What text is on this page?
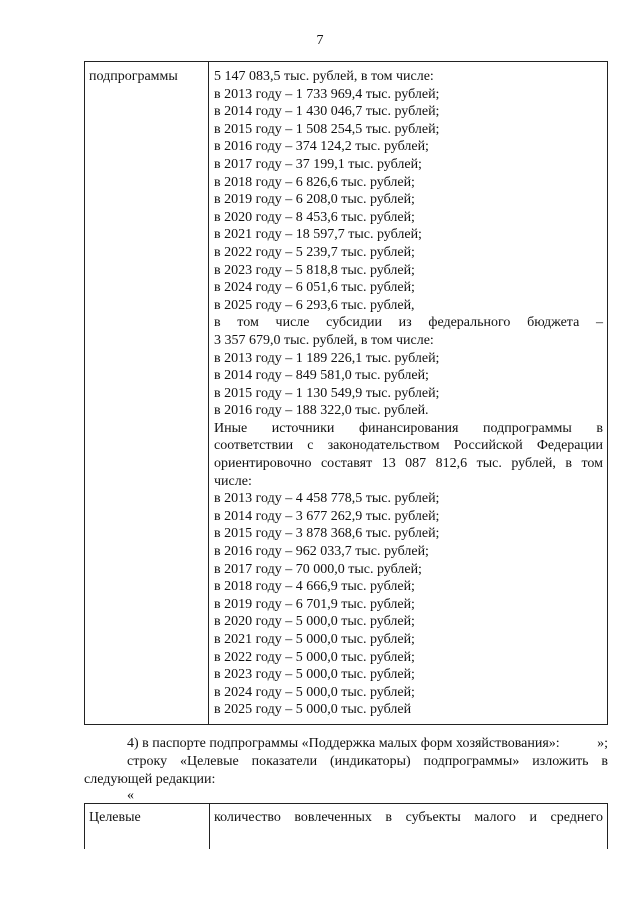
7
подпрограммы	5 147 083,5 тыс. рублей, в том числе:
в 2013 году – 1 733 969,4 тыс. рублей;
в 2014 году – 1 430 046,7 тыс. рублей;
в 2015 году – 1 508 254,5 тыс. рублей;
в 2016 году – 374 124,2 тыс. рублей;
в 2017 году – 37 199,1 тыс. рублей;
в 2018 году – 6 826,6 тыс. рублей;
в 2019 году – 6 208,0 тыс. рублей;
в 2020 году – 8 453,6 тыс. рублей;
в 2021 году – 18 597,7 тыс. рублей;
в 2022 году – 5 239,7 тыс. рублей;
в 2023 году – 5 818,8 тыс. рублей;
в 2024 году – 6 051,6 тыс. рублей;
в 2025 году – 6 293,6 тыс. рублей,
в том числе субсидии из федерального бюджета –
3 357 679,0 тыс. рублей, в том числе:
в 2013 году – 1 189 226,1 тыс. рублей;
в 2014 году – 849 581,0 тыс. рублей;
в 2015 году – 1 130 549,9 тыс. рублей;
в 2016 году – 188 322,0 тыс. рублей.
Иные источники финансирования подпрограммы в
соответствии с законодательством Российской Федерации
ориентировочно составят 13 087 812,6 тыс. рублей, в том
числе:
в 2013 году – 4 458 778,5 тыс. рублей;
в 2014 году – 3 677 262,9 тыс. рублей;
в 2015 году – 3 878 368,6 тыс. рублей;
в 2016 году – 962 033,7 тыс. рублей;
в 2017 году – 70 000,0 тыс. рублей;
в 2018 году – 4 666,9 тыс. рублей;
в 2019 году – 6 701,9 тыс. рублей;
в 2020 году – 5 000,0 тыс. рублей;
в 2021 году – 5 000,0 тыс. рублей;
в 2022 году – 5 000,0 тыс. рублей;
в 2023 году – 5 000,0 тыс. рублей;
в 2024 году – 5 000,0 тыс. рублей;
в 2025 году – 5 000,0 тыс. рублей
»;
4) в паспорте подпрограммы «Поддержка малых форм хозяйствования»:
строку «Целевые показатели (индикаторы) подпрограммы» изложить в
следующей редакции:
«
Целевые	количество вовлеченных в субъекты малого и среднего
